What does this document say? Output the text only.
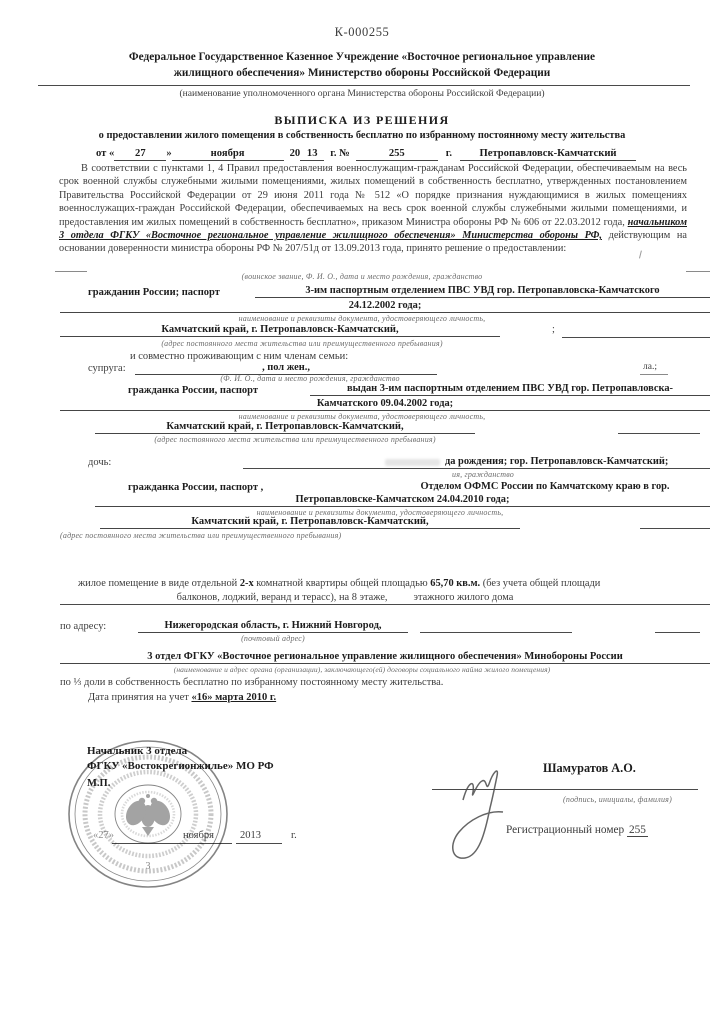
К-000255
Федеральное Государственное Казенное Учреждение «Восточное региональное управление
жилищного обеспечения» Министерство обороны Российской Федерации
(наименование уполномоченного органа Министерства обороны Российской Федерации)
ВЫПИСКА ИЗ РЕШЕНИЯ
о предоставлении жилого помещения в собственность бесплатно по избранному постоянному месту жительства
от « 27 »	ноября	20 13 г. №	255	г.	Петропавловск-Камчатский
В соответствии с пунктами 1, 4 Правил предоставления военнослужащим-гражданам Российской Федерации, обеспечиваемым на весь срок военной службы служебными жилыми помещениями, жилых помещений в собственность бесплатно, утвержденных постановлением Правительства Российской Федерации от 29 июня 2011 года № 512 «О порядке признания нуждающимися в жилых помещениях военнослужащих-граждан Российской Федерации, обеспечиваемых на весь срок военной службы служебными жилыми помещениями, и предоставления им жилых помещений в собственность бесплатно», приказом Министра обороны РФ № 606 от 22.03.2012 года, начальником 3 отдела ФГКУ «Восточное региональное управление жилищного обеспечения» Министерства обороны РФ, действующим на основании доверенности министра обороны РФ № 207/51д от 13.09.2013 года, принято решение о предоставлении:
(воинское звание, Ф. И. О., дата и место рождения, гражданство
гражданин России; паспорт	3-им паспортным отделением ПВС УВД гор. Петропавловска-Камчатского
24.12.2002 года;
наименование и реквизиты документа, удостоверяющего личность,
Камчатский край, г. Петропавловск-Камчатский,	;
(адрес постоянного места жительства или преимущественного пребывания)
и совместно проживающим с ним членам семьи:
супруга:	, пол жен.,	ла.;
(Ф. И. О., дата и место рождения, гражданство
гражданка России, паспорт	выдан 3-им паспортным отделением ПВС УВД гор. Петропавловска-
Камчатского 09.04.2002 года;
наименование и реквизиты документа, удостоверяющего личность,
Камчатский край, г. Петропавловск-Камчатский,
(адрес постоянного места жительства или преимущественного пребывания)
дочь:	да рождения; гор. Петропавловск-Камчатский;
ия, гражданство
гражданка России, паспорт ,	Отделом ОФМС России по Камчатскому краю в гор.
Петропавловске-Камчатском 24.04.2010 года;
наименование и реквизиты документа, удостоверяющего личность,
Камчатский край, г. Петропавловск-Камчатский,
(адрес постоянного места жительства или преимущественного пребывания)
жилое помещение в виде отдельной 2-х комнатной квартиры общей площадью 65,70 кв.м. (без учета общей площади
балконов, лоджий, веранд и терасс), на 8 этаже,	этажного жилого дома
по адресу:	Нижегородская область, г. Нижний Новгород,
(почтовый адрес)
3 отдел ФГКУ «Восточное региональное управление жилищного обеспечения» Минобороны России
(наименование и адрес органа (организации), заключающего(ей) договоры социального найма жилого помещения)
по ⅓ доли в собственность бесплатно по избранному постоянному месту жительства.
Дата принятия на учет «16» марта 2010 г.
Начальник 3 отдела
ФГКУ «Востокрегионжилье» МО РФ
М.П.
«27»	ноября 2013	г.
3
Шамуратов А.О.
(подпись, инициалы, фамилия)
Регистрационный номер 255
